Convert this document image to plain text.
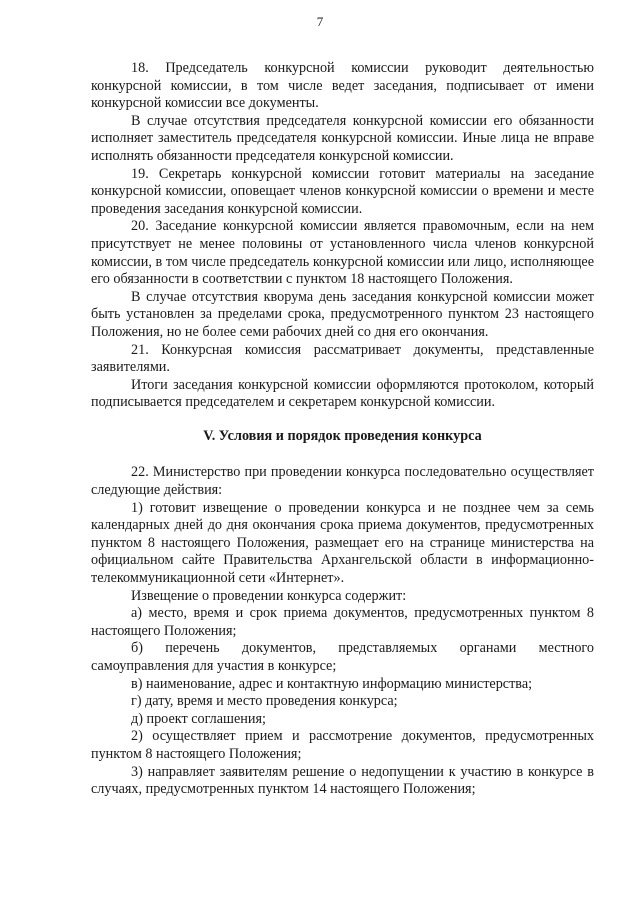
7

18. Председатель конкурсной комиссии руководит деятельностью конкурсной комиссии, в том числе ведет заседания, подписывает от имени конкурсной комиссии все документы.

В случае отсутствия председателя конкурсной комиссии его обязанности исполняет заместитель председателя конкурсной комиссии. Иные лица не вправе исполнять обязанности председателя конкурсной комиссии.

19. Секретарь конкурсной комиссии готовит материалы на заседание конкурсной комиссии, оповещает членов конкурсной комиссии о времени и месте проведения заседания конкурсной комиссии.

20. Заседание конкурсной комиссии является правомочным, если на нем присутствует не менее половины от установленного числа членов конкурсной комиссии, в том числе председатель конкурсной комиссии или лицо, исполняющее его обязанности в соответствии с пунктом 18 настоящего Положения.

В случае отсутствия кворума день заседания конкурсной комиссии может быть установлен за пределами срока, предусмотренного пунктом 23 настоящего Положения, но не более семи рабочих дней со дня его окончания.

21. Конкурсная комиссия рассматривает документы, представленные заявителями.

Итоги заседания конкурсной комиссии оформляются протоколом, который подписывается председателем и секретарем конкурсной комиссии.

V. Условия и порядок проведения конкурса

22. Министерство при проведении конкурса последовательно осуществляет следующие действия:

1) готовит извещение о проведении конкурса и не позднее чем за семь календарных дней до дня окончания срока приема документов, предусмотренных пунктом 8 настоящего Положения, размещает его на странице министерства на официальном сайте Правительства Архангельской области в информационно-телекоммуникационной сети «Интернет».

Извещение о проведении конкурса содержит:

а) место, время и срок приема документов, предусмотренных пунктом 8 настоящего Положения;

б) перечень документов, представляемых органами местного самоуправления для участия в конкурсе;

в) наименование, адрес и контактную информацию министерства;

г) дату, время и место проведения конкурса;

д) проект соглашения;

2) осуществляет прием и рассмотрение документов, предусмотренных пунктом 8 настоящего Положения;

3) направляет заявителям решение о недопущении к участию в конкурсе в случаях, предусмотренных пунктом 14 настоящего Положения;
